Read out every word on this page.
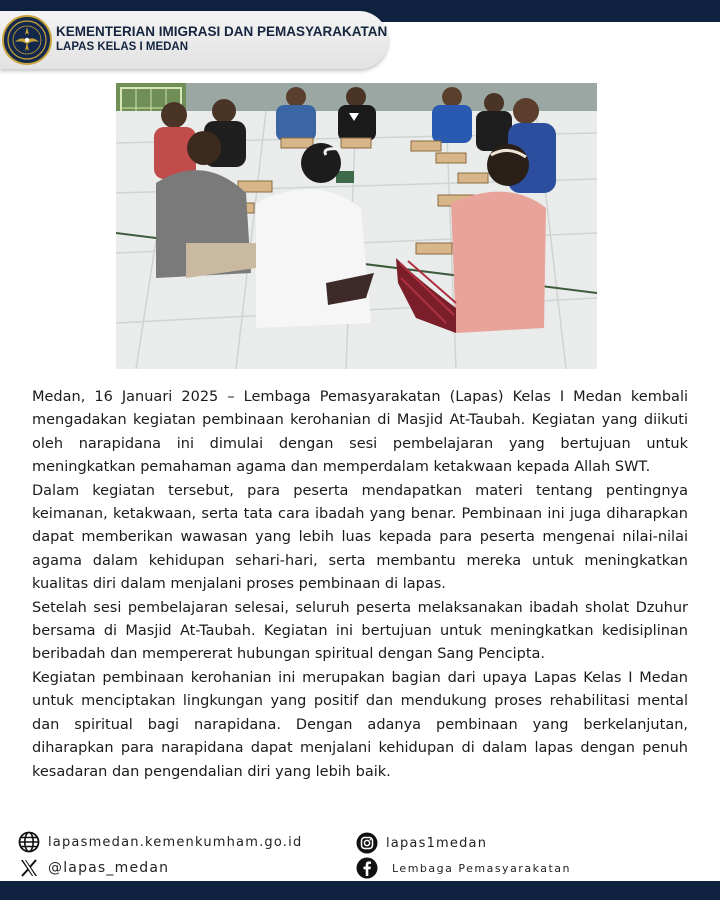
KEMENTERIAN IMIGRASI DAN PEMASYARAKATAN
LAPAS KELAS I MEDAN

Medan, 16 Januari 2025 – Lembaga Pemasyarakatan (Lapas) Kelas I Medan kembali mengadakan kegiatan pembinaan kerohanian di Masjid At-Taubah. Kegiatan yang diikuti oleh narapidana ini dimulai dengan sesi pembelajaran yang bertujuan untuk meningkatkan pemahaman agama dan memperdalam ketakwaan kepada Allah SWT.

Dalam kegiatan tersebut, para peserta mendapatkan materi tentang pentingnya keimanan, ketakwaan, serta tata cara ibadah yang benar. Pembinaan ini juga diharapkan dapat memberikan wawasan yang lebih luas kepada para peserta mengenai nilai-nilai agama dalam kehidupan sehari-hari, serta membantu mereka untuk meningkatkan kualitas diri dalam menjalani proses pembinaan di lapas.

Setelah sesi pembelajaran selesai, seluruh peserta melaksanakan ibadah sholat Dzuhur bersama di Masjid At-Taubah. Kegiatan ini bertujuan untuk meningkatkan kedisiplinan beribadah dan mempererat hubungan spiritual dengan Sang Pencipta.

Kegiatan pembinaan kerohanian ini merupakan bagian dari upaya Lapas Kelas I Medan untuk menciptakan lingkungan yang positif dan mendukung proses rehabilitasi mental dan spiritual bagi narapidana. Dengan adanya pembinaan yang berkelanjutan, diharapkan para narapidana dapat menjalani kehidupan di dalam lapas dengan penuh kesadaran dan pengendalian diri yang lebih baik.

lapasmedan.kemenkumham.go.id
@lapas_medan
lapas1medan
Lembaga Pemasyarakatan
